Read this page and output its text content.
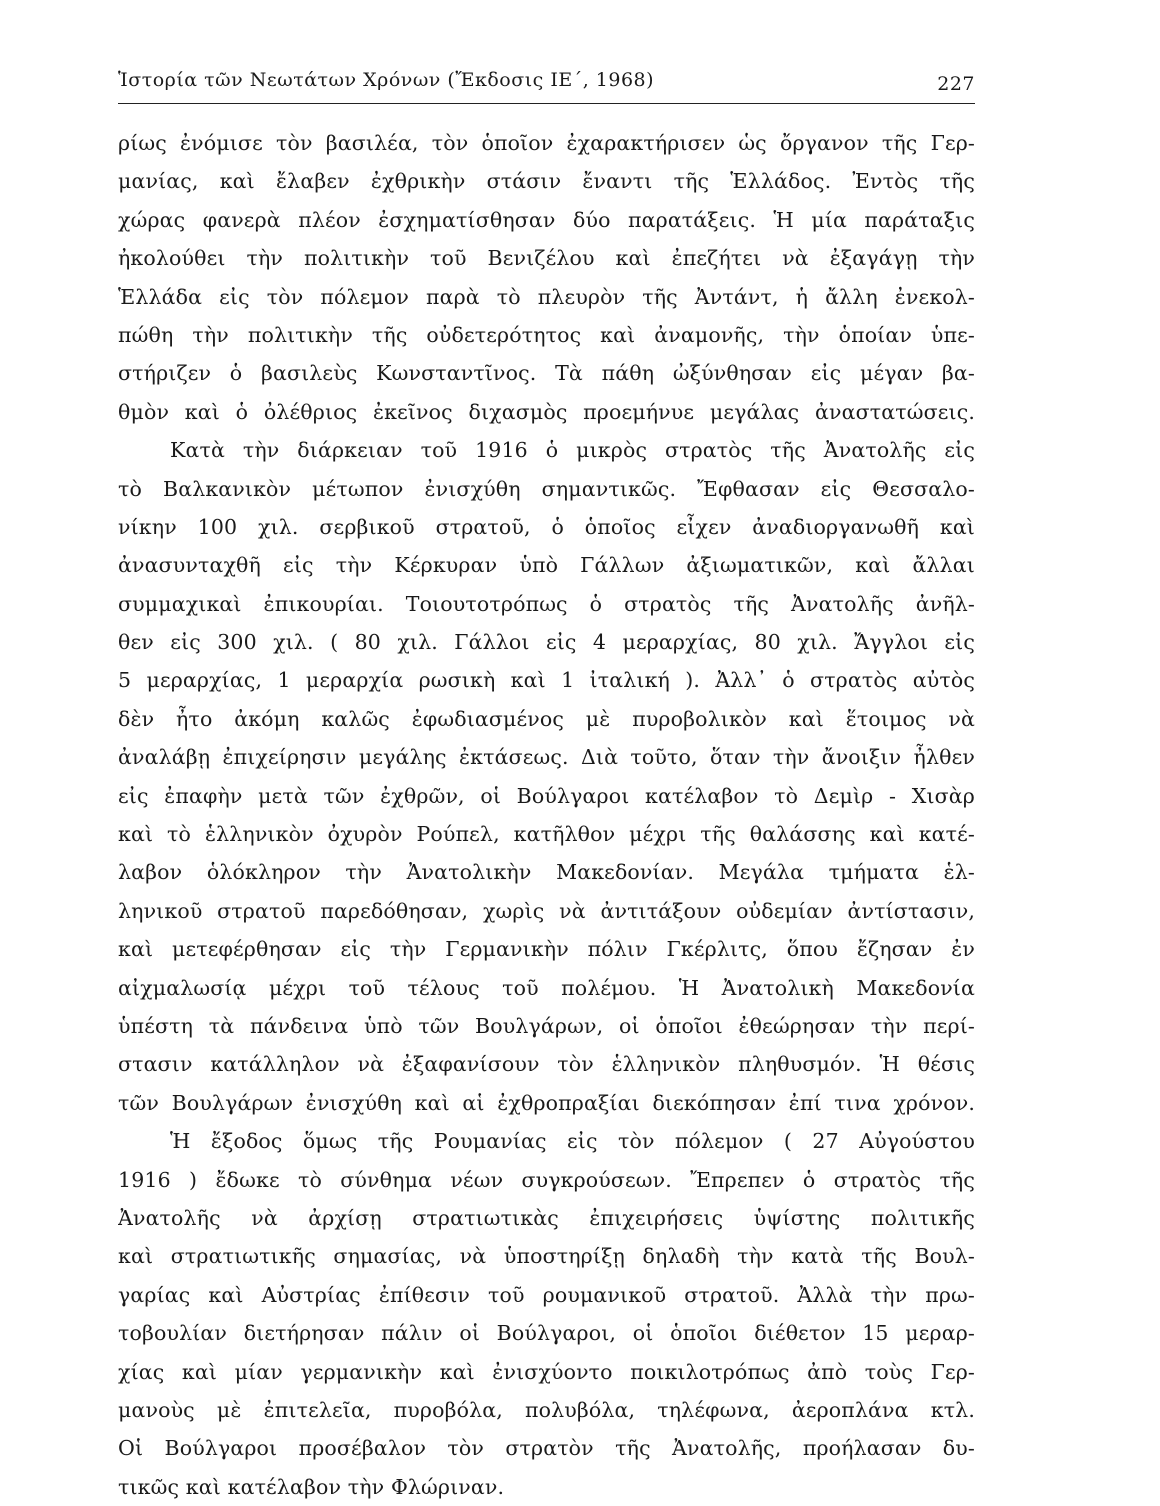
Ἱστορία τῶν Νεωτάτων Χρόνων (Ἔκδοσις ΙΕ΄, 1968)	227
ρίως ἐνόμισε τὸν βασιλέα, τὸν ὁποῖον ἐχαρακτήρισεν ὡς ὄργανον τῆς Γερ-
μανίας, καὶ ἔλαβεν ἐχθρικὴν στάσιν ἔναντι τῆς Ἑλλάδος. Ἐντὸς τῆς
χώρας φανερὰ πλέον ἐσχηματίσθησαν δύο παρατάξεις. Ἡ μία παράταξις
ἠκολούθει τὴν πολιτικὴν τοῦ Βενιζέλου καὶ ἐπεζήτει νὰ ἐξαγάγῃ τὴν
Ἑλλάδα εἰς τὸν πόλεμον παρὰ τὸ πλευρὸν τῆς Ἀντάντ, ἡ ἄλλη ἐνεκολ-
πώθη τὴν πολιτικὴν τῆς οὐδετερότητος καὶ ἀναμονῆς, τὴν ὁποίαν ὑπε-
στήριζεν ὁ βασιλεὺς Κωνσταντῖνος. Τὰ πάθη ὠξύνθησαν εἰς μέγαν βα-
θμὸν καὶ ὁ ὀλέθριος ἐκεῖνος διχασμὸς προεμήνυε μεγάλας ἀναστατώσεις.
Κατὰ τὴν διάρκειαν τοῦ 1916 ὁ μικρὸς στρατὸς τῆς Ἀνατολῆς εἰς
τὸ Βαλκανικὸν μέτωπον ἐνισχύθη σημαντικῶς. Ἔφθασαν εἰς Θεσσαλο-
νίκην 100 χιλ. σερβικοῦ στρατοῦ, ὁ ὁποῖος εἶχεν ἀναδιοργανωθῆ καὶ
ἀνασυνταχθῆ εἰς τὴν Κέρκυραν ὑπὸ Γάλλων ἀξιωματικῶν, καὶ ἄλλαι
συμμαχικαὶ ἐπικουρίαι. Τοιουτοτρόπως ὁ στρατὸς τῆς Ἀνατολῆς ἀνῆλ-
θεν εἰς 300 χιλ. ( 80 χιλ. Γάλλοι εἰς 4 μεραρχίας, 80 χιλ. Ἄγγλοι εἰς
5 μεραρχίας, 1 μεραρχία ρωσικὴ καὶ 1 ἰταλική ). Ἀλλ᾽ ὁ στρατὸς αὐτὸς
δὲν ἦτο ἀκόμη καλῶς ἐφωδιασμένος μὲ πυροβολικὸν καὶ ἕτοιμος νὰ
ἀναλάβῃ ἐπιχείρησιν μεγάλης ἐκτάσεως. Διὰ τοῦτο, ὅταν τὴν ἄνοιξιν ἦλθεν
εἰς ἐπαφὴν μετὰ τῶν ἐχθρῶν, οἱ Βούλγαροι κατέλαβον τὸ Δεμὶρ - Χισὰρ
καὶ τὸ ἑλληνικὸν ὀχυρὸν Ρούπελ, κατῆλθον μέχρι τῆς θαλάσσης καὶ κατέ-
λαβον ὁλόκληρον τὴν Ἀνατολικὴν Μακεδονίαν. Μεγάλα τμήματα ἑλ-
ληνικοῦ στρατοῦ παρεδόθησαν, χωρὶς νὰ ἀντιτάξουν οὐδεμίαν ἀντίστασιν,
καὶ μετεφέρθησαν εἰς τὴν Γερμανικὴν πόλιν Γκέρλιτς, ὅπου ἔζησαν ἐν
αἰχμαλωσίᾳ μέχρι τοῦ τέλους τοῦ πολέμου. Ἡ Ἀνατολικὴ Μακεδονία
ὑπέστη τὰ πάνδεινα ὑπὸ τῶν Βουλγάρων, οἱ ὁποῖοι ἐθεώρησαν τὴν περί-
στασιν κατάλληλον νὰ ἐξαφανίσουν τὸν ἑλληνικὸν πληθυσμόν. Ἡ θέσις
τῶν Βουλγάρων ἐνισχύθη καὶ αἱ ἐχθροπραξίαι διεκόπησαν ἐπί τινα χρόνον.
Ἡ ἔξοδος ὅμως τῆς Ρουμανίας εἰς τὸν πόλεμον ( 27 Αὐγούστου
1916 ) ἔδωκε τὸ σύνθημα νέων συγκρούσεων. Ἔπρεπεν ὁ στρατὸς τῆς
Ἀνατολῆς νὰ ἀρχίσῃ στρατιωτικὰς ἐπιχειρήσεις ὑψίστης πολιτικῆς
καὶ στρατιωτικῆς σημασίας, νὰ ὑποστηρίξῃ δηλαδὴ τὴν κατὰ τῆς Βουλ-
γαρίας καὶ Αὐστρίας ἐπίθεσιν τοῦ ρουμανικοῦ στρατοῦ. Ἀλλὰ τὴν πρω-
τοβουλίαν διετήρησαν πάλιν οἱ Βούλγαροι, οἱ ὁποῖοι διέθετον 15 μεραρ-
χίας καὶ μίαν γερμανικὴν καὶ ἐνισχύοντο ποικιλοτρόπως ἀπὸ τοὺς Γερ-
μανοὺς μὲ ἐπιτελεῖα, πυροβόλα, πολυβόλα, τηλέφωνα, ἀεροπλάνα κτλ.
Οἱ Βούλγαροι προσέβαλον τὸν στρατὸν τῆς Ἀνατολῆς, προήλασαν δυ-
τικῶς καὶ κατέλαβον τὴν Φλώριναν.
